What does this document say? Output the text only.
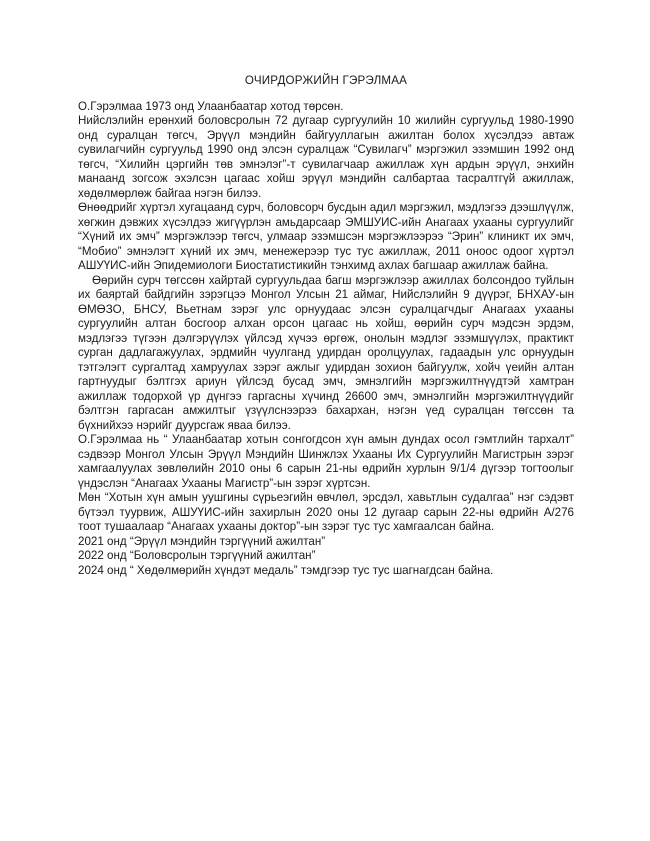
ОЧИРДОРЖИЙН ГЭРЭЛМАА

О.Гэрэлмаа 1973 онд Улаанбаатар хотод төрсөн.

Нийслэлийн ерөнхий боловсролын 72 дугаар сургуулийн 10 жилийн сургуульд 1980-1990 онд суралцан төгсч, Эрүүл мэндийн байгууллагын ажилтан болох хүсэлдээ автаж сувилагчийн сургуульд 1990 онд элсэн суралцаж “Сувилагч” мэргэжил эзэмшин 1992 онд төгсч, “Хилийн цэргийн төв эмнэлэг”-т сувилагчаар ажиллаж хүн ардын эрүүл, энхийн манаанд зогсож эхэлсэн цагаас хойш эрүүл мэндийн салбартаа тасралтгүй ажиллаж, хөдөлмөрлөж байгаа нэгэн билээ.

Өнөөдрийг хүртэл хугацаанд сурч, боловсорч бусдын адил мэргэжил, мэдлэгээ дээшлүүлж, хөгжин дэвжих хүсэлдээ жигүүрлэн амьдарсаар ЭМШУИС-ийн Анагаах ухааны сургуулийг “Хүний их эмч” мэргэжлээр төгсч, улмаар эзэмшсэн мэргэжлээрээ “Эрин” клиникт их эмч, “Мобио” эмнэлэгт хүний их эмч, менежерээр тус тус ажиллаж, 2011 оноос одоог хүртэл АШУҮИС-ийн Эпидемиологи Биостатистикийн тэнхимд ахлах багшаар ажиллаж байна.

Өөрийн сурч төгссөн хайртай сургуульдаа багш мэргэжлээр ажиллах болсондоо туйлын их баяртай байдгийн зэрэгцээ Монгол Улсын 21 аймаг, Нийслэлийн 9 дүүрэг, БНХАУ-ын ӨМӨЗО, БНСУ, Вьетнам зэрэг улс орнуудаас элсэн суралцагчдыг Анагаах ухааны сургуулийн алтан босгоор алхан орсон цагаас нь хойш, өөрийн сурч мэдсэн эрдэм, мэдлэгээ түгээн дэлгэрүүлэх үйлсэд хүчээ өргөж, онолын мэдлэг эзэмшүүлэх, практикт сурган дадлагажуулах, эрдмийн чуулганд удирдан оролцуулах, гадаадын улс орнуудын тэтгэлэгт сургалтад хамруулах зэрэг ажлыг удирдан зохион байгуулж, хойч үеийн алтан гартнуудыг бэлтгэх ариун үйлсэд бусад эмч, эмнэлгийн мэргэжилтнүүдтэй хамтран ажиллаж тодорхой үр дүнгээ гаргасны хүчинд 26600 эмч, эмнэлгийн мэргэжилтнүүдийг бэлтгэн гаргасан амжилтыг үзүүлснээрээ бахархан, нэгэн үед суралцан төгссөн та бүхнийхээ нэрийг дуурсгаж яваа билээ.

О.Гэрэлмаа нь “ Улаанбаатар хотын сонгогдсон хүн амын дундах осол гэмтлийн тархалт” сэдвээр Монгол Улсын Эрүүл Мэндийн Шинжлэх Ухааны Их Сургуулийн Магистрын зэрэг хамгаалуулах зөвлөлийн 2010 оны 6 сарын 21-ны өдрийн хурлын 9/1/4 дүгээр тогтоолыг үндэслэн “Анагаах Ухааны Магистр”-ын зэрэг хүртсэн.

Мөн “Хотын хүн амын уушгины сүрьеэгийн өвчлөл, эрсдэл, хавьтлын судалгаа” нэг сэдэвт бүтээл туурвиж, АШУҮИС-ийн захирлын 2020 оны 12 дугаар сарын 22-ны өдрийн А/276 тоот тушаалаар “Анагаах ухааны доктор”-ын зэрэг тус тус хамгаалсан байна.

2021 онд “Эрүүл мэндийн тэргүүний ажилтан”

2022 онд “Боловсролын тэргүүний ажилтан”

2024 онд “ Хөдөлмөрийн хүндэт медаль” тэмдгээр тус тус шагнагдсан байна.
